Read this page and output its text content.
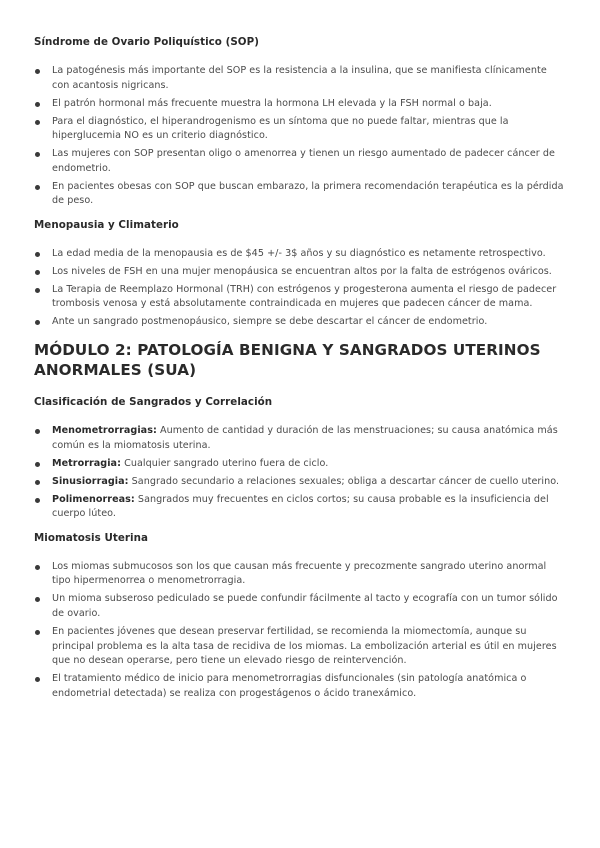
Síndrome de Ovario Poliquístico (SOP)
La patogénesis más importante del SOP es la resistencia a la insulina, que se manifiesta clínicamente con acantosis nigricans.
El patrón hormonal más frecuente muestra la hormona LH elevada y la FSH normal o baja.
Para el diagnóstico, el hiperandrogenismo es un síntoma que no puede faltar, mientras que la hiperglucemia NO es un criterio diagnóstico.
Las mujeres con SOP presentan oligo o amenorrea y tienen un riesgo aumentado de padecer cáncer de endometrio.
En pacientes obesas con SOP que buscan embarazo, la primera recomendación terapéutica es la pérdida de peso.
Menopausia y Climaterio
La edad media de la menopausia es de $45 +/- 3$ años y su diagnóstico es netamente retrospectivo.
Los niveles de FSH en una mujer menopáusica se encuentran altos por la falta de estrógenos ováricos.
La Terapia de Reemplazo Hormonal (TRH) con estrógenos y progesterona aumenta el riesgo de padecer trombosis venosa y está absolutamente contraindicada en mujeres que padecen cáncer de mama.
Ante un sangrado postmenopáusico, siempre se debe descartar el cáncer de endometrio.
MÓDULO 2: PATOLOGÍA BENIGNA Y SANGRADOS UTERINOS ANORMALES (SUA)
Clasificación de Sangrados y Correlación
Menometrorragias: Aumento de cantidad y duración de las menstruaciones; su causa anatómica más común es la miomatosis uterina.
Metrorragia: Cualquier sangrado uterino fuera de ciclo.
Sinusiorragia: Sangrado secundario a relaciones sexuales; obliga a descartar cáncer de cuello uterino.
Polimenorreas: Sangrados muy frecuentes en ciclos cortos; su causa probable es la insuficiencia del cuerpo lúteo.
Miomatosis Uterina
Los miomas submucosos son los que causan más frecuente y precozmente sangrado uterino anormal tipo hipermenorrea o menometrorragia.
Un mioma subseroso pediculado se puede confundir fácilmente al tacto y ecografía con un tumor sólido de ovario.
En pacientes jóvenes que desean preservar fertilidad, se recomienda la miomectomía, aunque su principal problema es la alta tasa de recidiva de los miomas. La embolización arterial es útil en mujeres que no desean operarse, pero tiene un elevado riesgo de reintervención.
El tratamiento médico de inicio para menometrorragias disfuncionales (sin patología anatómica o endometrial detectada) se realiza con progestágenos o ácido tranexámico.
